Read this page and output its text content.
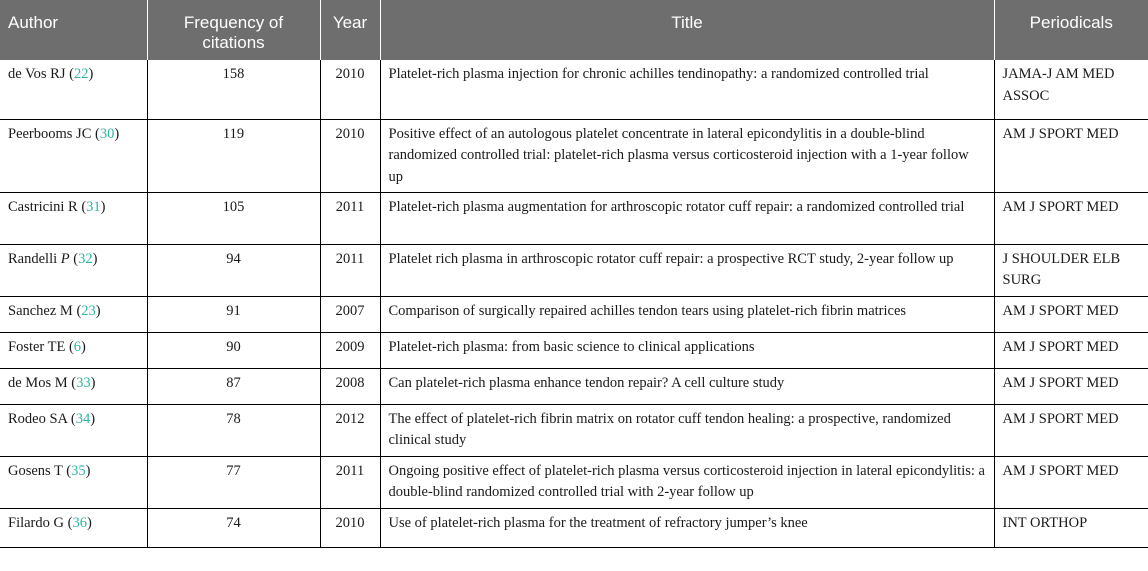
Author	Frequency of citations	Year	Title	Periodicals
de Vos RJ (22)	158	2010	Platelet-rich plasma injection for chronic achilles tendinopathy: a randomized controlled trial	JAMA-J AM MED ASSOC
Peerbooms JC (30)	119	2010	Positive effect of an autologous platelet concentrate in lateral epicondylitis in a double-blind randomized controlled trial: platelet-rich plasma versus corticosteroid injection with a 1-year follow up	AM J SPORT MED
Castricini R (31)	105	2011	Platelet-rich plasma augmentation for arthroscopic rotator cuff repair: a randomized controlled trial	AM J SPORT MED
Randelli P (32)	94	2011	Platelet rich plasma in arthroscopic rotator cuff repair: a prospective RCT study, 2-year follow up	J SHOULDER ELB SURG
Sanchez M (23)	91	2007	Comparison of surgically repaired achilles tendon tears using platelet-rich fibrin matrices	AM J SPORT MED
Foster TE (6)	90	2009	Platelet-rich plasma: from basic science to clinical applications	AM J SPORT MED
de Mos M (33)	87	2008	Can platelet-rich plasma enhance tendon repair? A cell culture study	AM J SPORT MED
Rodeo SA (34)	78	2012	The effect of platelet-rich fibrin matrix on rotator cuff tendon healing: a prospective, randomized clinical study	AM J SPORT MED
Gosens T (35)	77	2011	Ongoing positive effect of platelet-rich plasma versus corticosteroid injection in lateral epicondylitis: a double-blind randomized controlled trial with 2-year follow up	AM J SPORT MED
Filardo G (36)	74	2010	Use of platelet-rich plasma for the treatment of refractory jumper’s knee	INT ORTHOP
